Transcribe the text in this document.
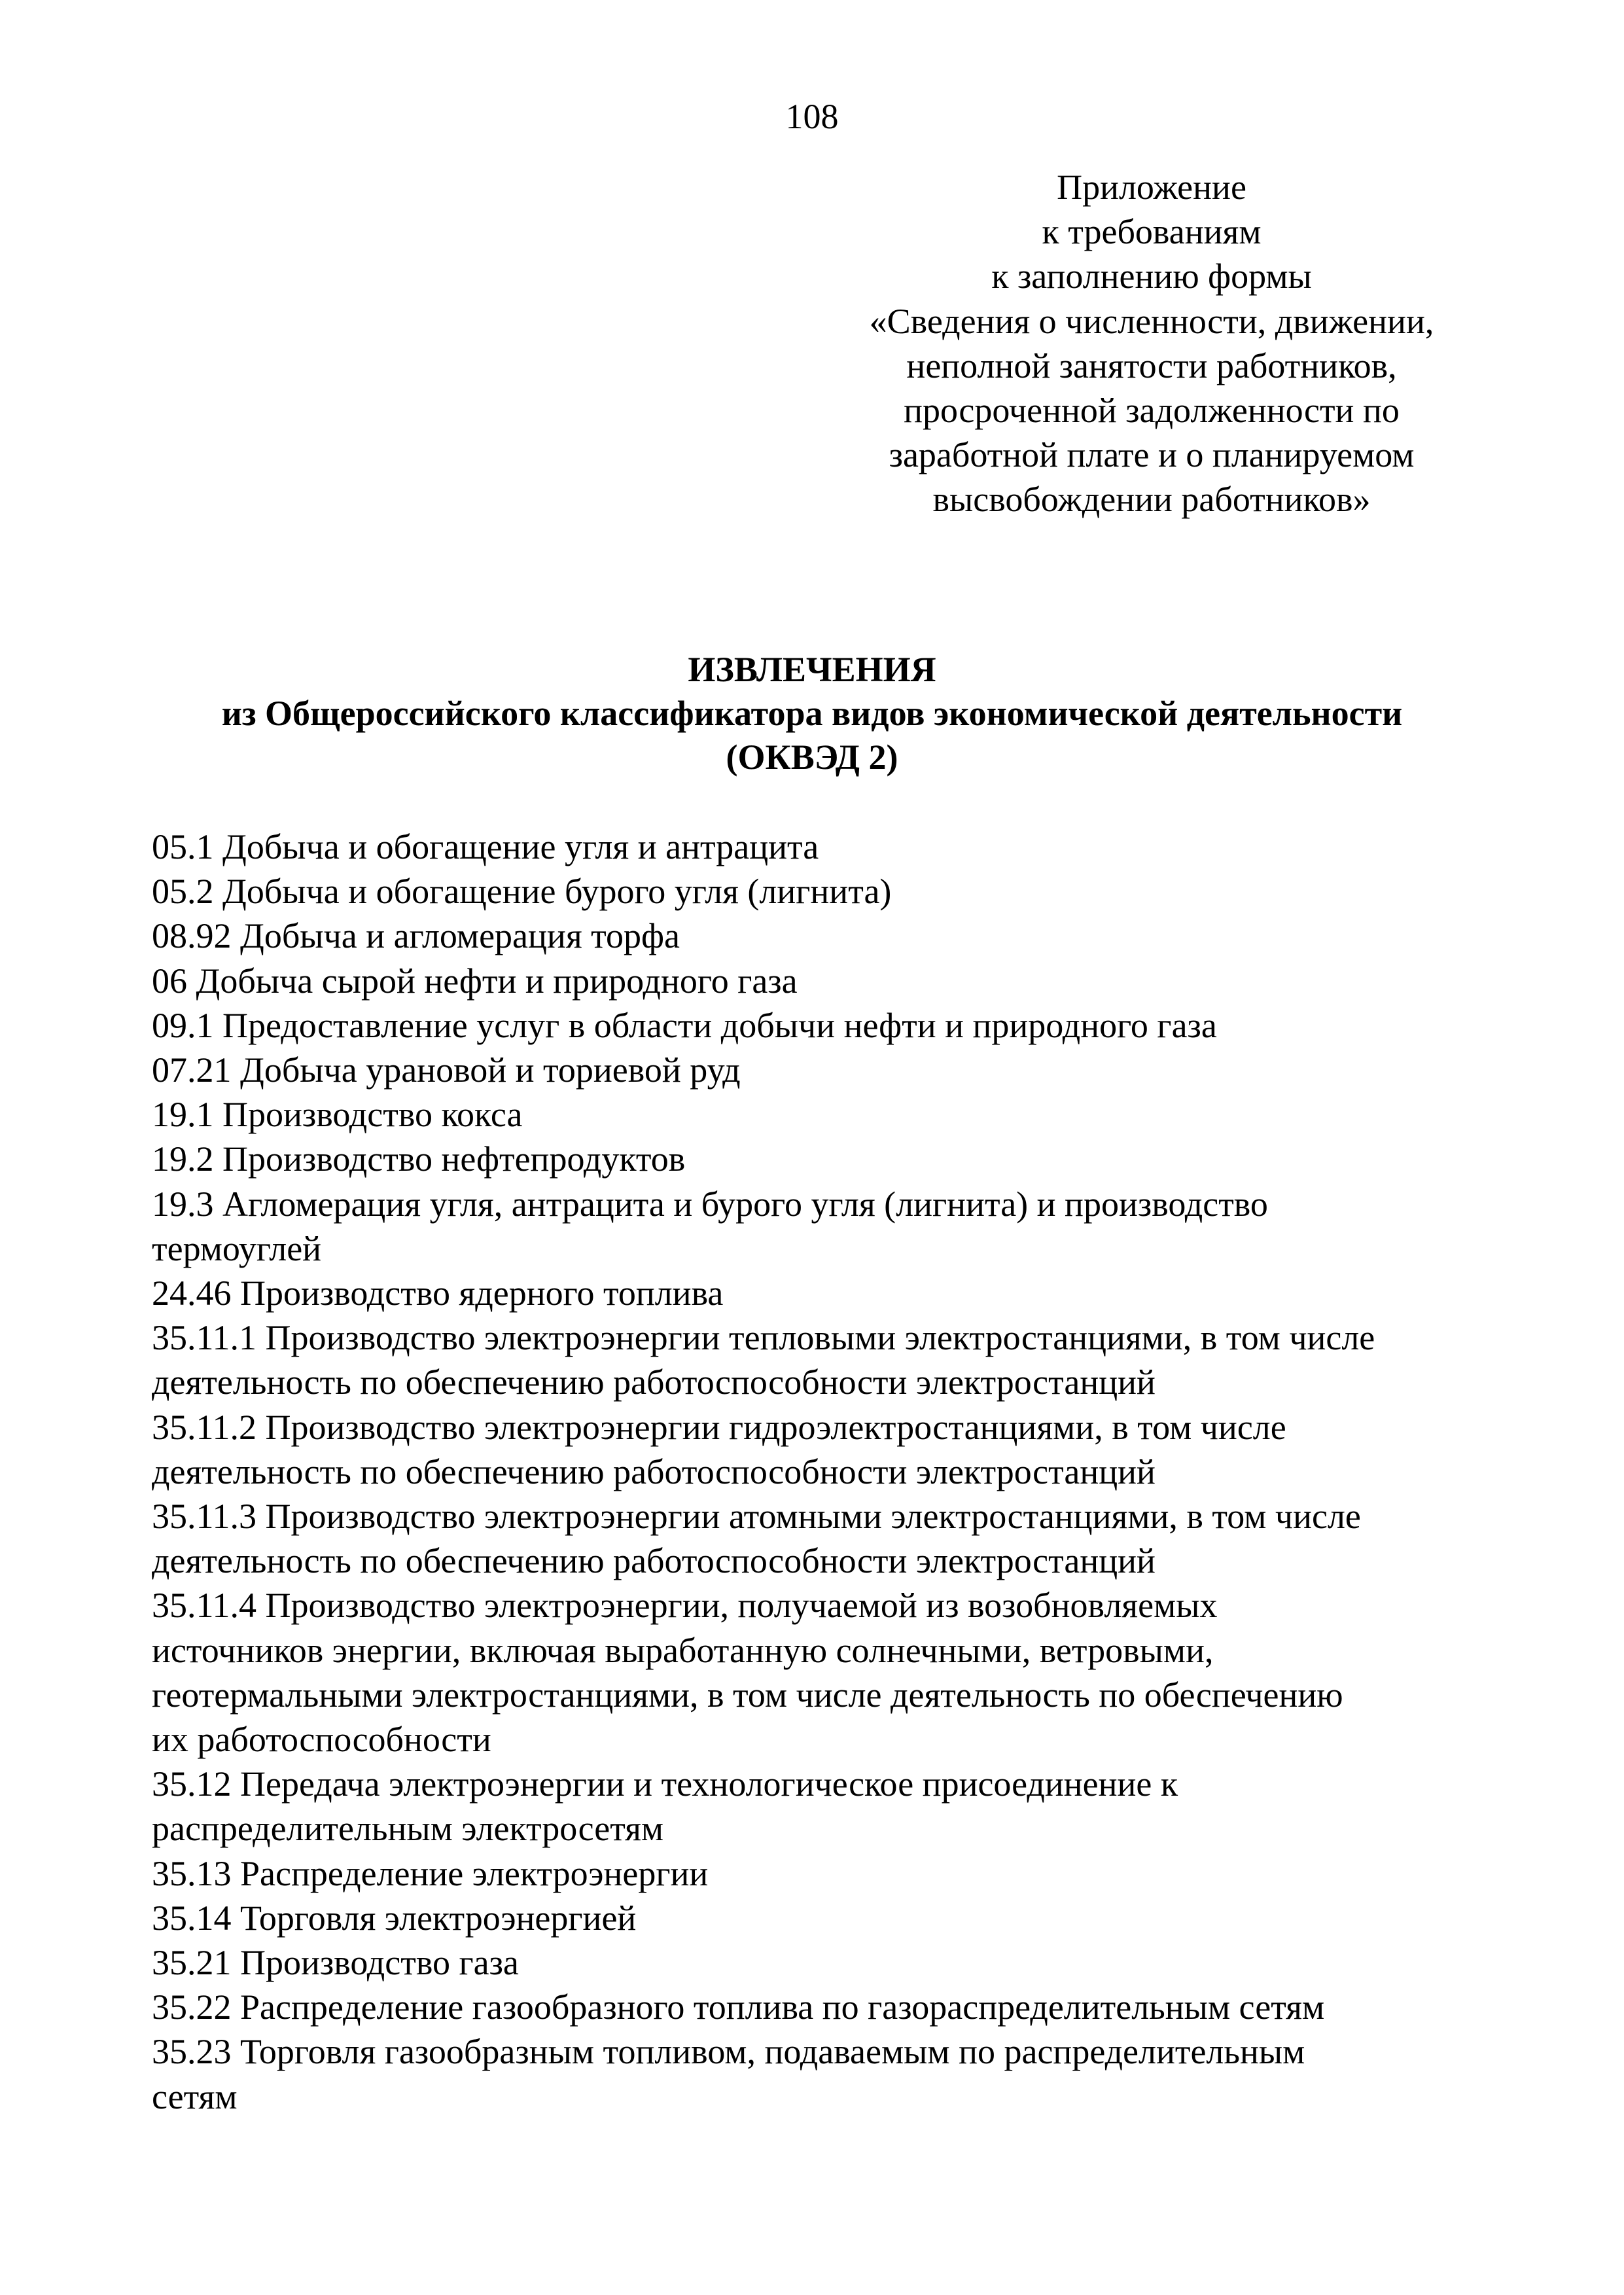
108
Приложение
к требованиям
к заполнению формы
«Сведения о численности, движении,
неполной занятости работников,
просроченной задолженности по
заработной плате и о планируемом
высвобождении работников»
ИЗВЛЕЧЕНИЯ
из Общероссийского классификатора видов экономической деятельности
(ОКВЭД 2)
05.1 Добыча и обогащение угля и антрацита
05.2 Добыча и обогащение бурого угля (лигнита)
08.92 Добыча и агломерация торфа
06 Добыча сырой нефти и природного газа
09.1 Предоставление услуг в области добычи нефти и природного газа
07.21 Добыча урановой и ториевой руд
19.1 Производство кокса
19.2 Производство нефтепродуктов
19.3 Агломерация угля, антрацита и бурого угля (лигнита) и производство
термоуглей
24.46 Производство ядерного топлива
35.11.1 Производство электроэнергии тепловыми электростанциями, в том числе
деятельность по обеспечению работоспособности электростанций
35.11.2 Производство электроэнергии гидроэлектростанциями, в том числе
деятельность по обеспечению работоспособности электростанций
35.11.3 Производство электроэнергии атомными электростанциями, в том числе
деятельность по обеспечению работоспособности электростанций
35.11.4 Производство электроэнергии, получаемой из возобновляемых
источников энергии, включая выработанную солнечными, ветровыми,
геотермальными электростанциями, в том числе деятельность по обеспечению
их работоспособности
35.12 Передача электроэнергии и технологическое присоединение к
распределительным электросетям
35.13 Распределение электроэнергии
35.14 Торговля электроэнергией
35.21 Производство газа
35.22 Распределение газообразного топлива по газораспределительным сетям
35.23 Торговля газообразным топливом, подаваемым по распределительным
сетям
